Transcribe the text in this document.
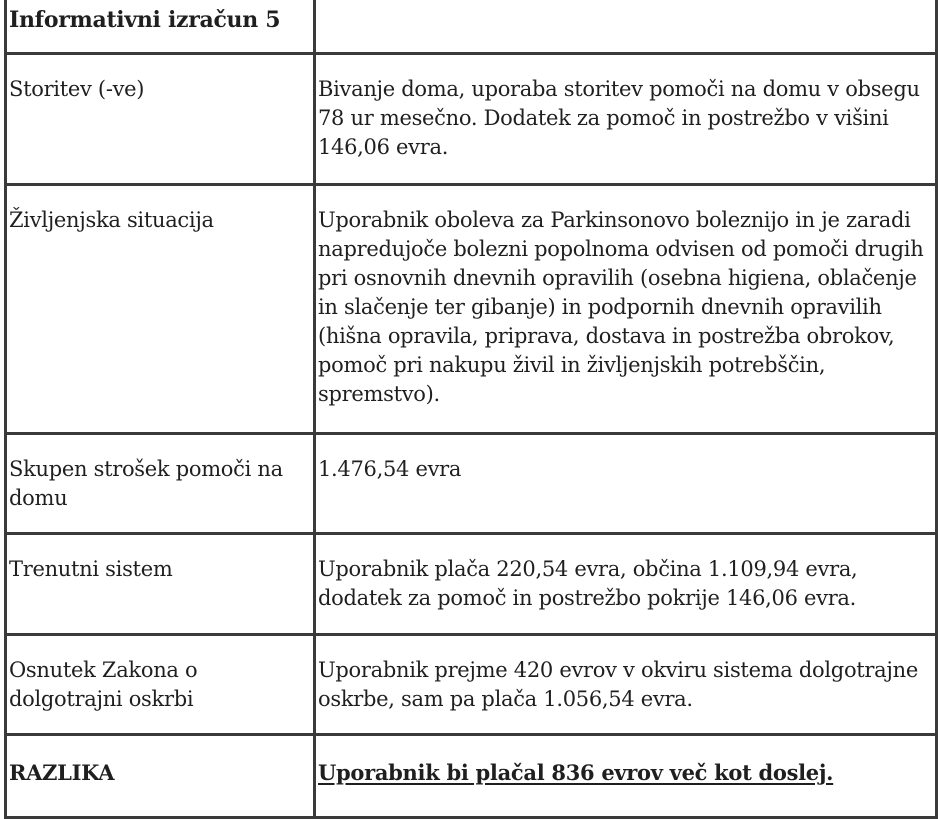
Informativni izračun 5	

Storitev (-ve)	Bivanje doma, uporaba storitev pomoči na domu v obsegu 78 ur mesečno. Dodatek za pomoč in postrežbo v višini 146,06 evra.

Življenjska situacija	Uporabnik oboleva za Parkinsonovo boleznijo in je zaradi napredujoče bolezni popolnoma odvisen od pomoči drugih pri osnovnih dnevnih opravilih (osebna higiena, oblačenje in slačenje ter gibanje) in podpornih dnevnih opravilih (hišna opravila, priprava, dostava in postrežba obrokov, pomoč pri nakupu živil in življenjskih potrebščin, spremstvo).

Skupen strošek pomoči na domu	1.476,54 evra

Trenutni sistem	Uporabnik plača 220,54 evra, občina 1.109,94 evra, dodatek za pomoč in postrežbo pokrije 146,06 evra.

Osnutek Zakona o dolgotrajni oskrbi	Uporabnik prejme 420 evrov v okviru sistema dolgotrajne oskrbe, sam pa plača 1.056,54 evra.

RAZLIKA	Uporabnik bi plačal 836 evrov več kot doslej.
